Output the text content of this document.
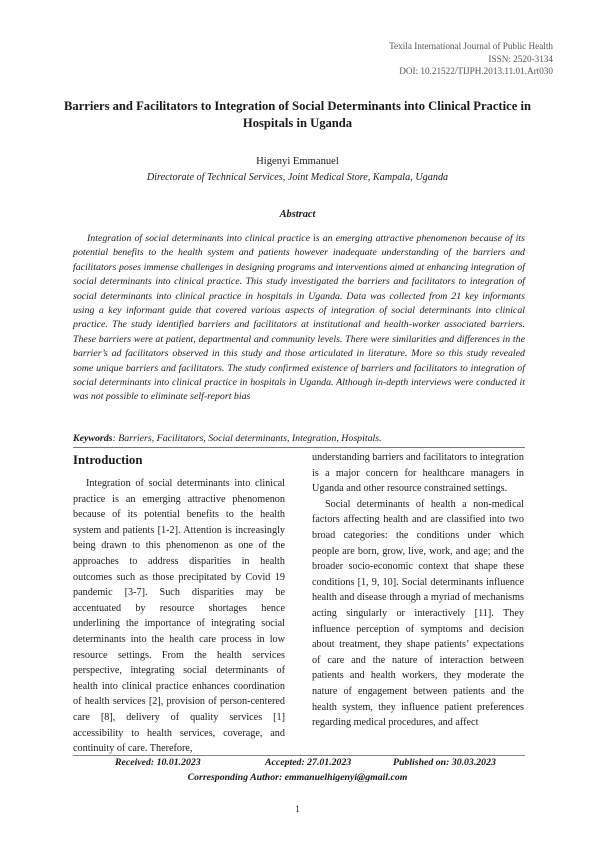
Texila International Journal of Public Health
ISSN: 2520-3134
DOI: 10.21522/TIJPH.2013.11.01.Art030
Barriers and Facilitators to Integration of Social Determinants into Clinical Practice in Hospitals in Uganda
Higenyi Emmanuel
Directorate of Technical Services, Joint Medical Store, Kampala, Uganda
Abstract

Integration of social determinants into clinical practice is an emerging attractive phenomenon because of its potential benefits to the health system and patients however inadequate understanding of the barriers and facilitators poses immense challenges in designing programs and interventions aimed at enhancing integration of social determinants into clinical practice. This study investigated the barriers and facilitators to integration of social determinants into clinical practice in hospitals in Uganda. Data was collected from 21 key informants using a key informant guide that covered various aspects of integration of social determinants into clinical practice. The study identified barriers and facilitators at institutional and health-worker associated barriers. These barriers were at patient, departmental and community levels. There were similarities and differences in the barrier’s ad facilitators observed in this study and those articulated in literature. More so this study revealed some unique barriers and facilitators. The study confirmed existence of barriers and facilitators to integration of social determinants into clinical practice in hospitals in Uganda. Although in-depth interviews were conducted it was not possible to eliminate self-report bias

Keywords: Barriers, Facilitators, Social determinants, Integration, Hospitals.
Introduction

Integration of social determinants into clinical practice is an emerging attractive phenomenon because of its potential benefits to the health system and patients [1-2]. Attention is increasingly being drawn to this phenomenon as one of the approaches to address disparities in health outcomes such as those precipitated by Covid 19 pandemic [3-7]. Such disparities may be accentuated by resource shortages hence underlining the importance of integrating social determinants into the health care process in low resource settings. From the health services perspective, integrating social determinants of health into clinical practice enhances coordination of health services [2], provision of person-centered care [8], delivery of quality services [1] accessibility to health services, coverage, and continuity of care. Therefore,

understanding barriers and facilitators to integration is a major concern for healthcare managers in Uganda and other resource constrained settings.

Social determinants of health a non-medical factors affecting health and are classified into two broad categories: the conditions under which people are born, grow, live, work, and age; and the broader socio-economic context that shape these conditions [1, 9, 10]. Social determinants influence health and disease through a myriad of mechanisms acting singularly or interactively [11]. They influence perception of symptoms and decision about treatment, they shape patients’ expectations of care and the nature of interaction between patients and health workers, they moderate the nature of engagement between patients and the health system, they influence patient preferences regarding medical procedures, and affect

Received: 10.01.2023	Accepted: 27.01.2023	Published on: 30.03.2023
Corresponding Author: emmanuelhigenyi@gmail.com
1
